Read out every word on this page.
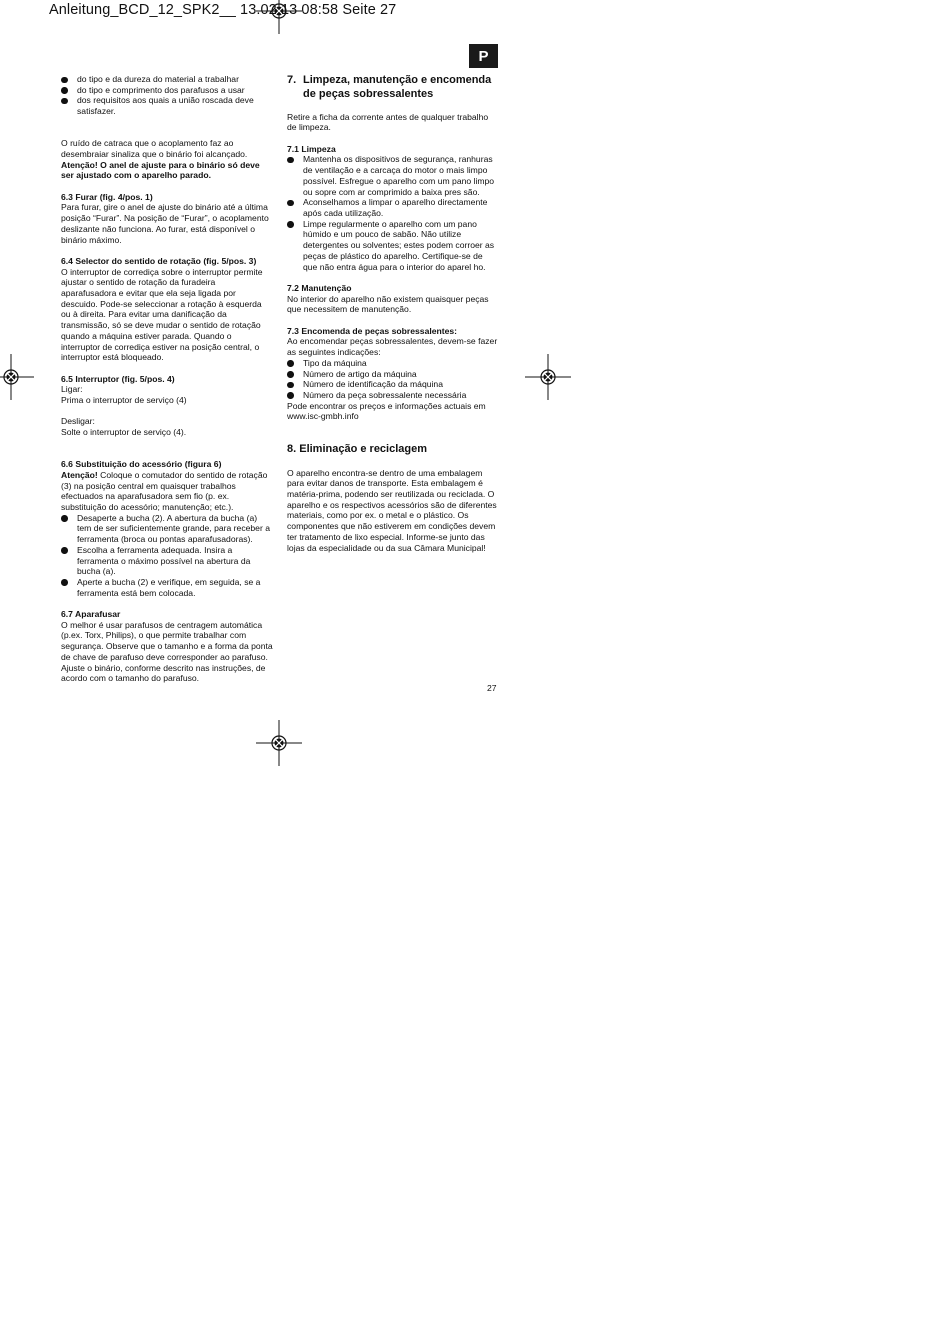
Anleitung_BCD_12_SPK2__ 13.02.13 08:58 Seite 27
P
do tipo e da dureza do material a trabalhar
do tipo e comprimento dos parafusos a usar
dos requisitos aos quais a união roscada deve satisfazer.

O ruído de catraca que o acoplamento faz ao desembraiar sinaliza que o binário foi alcançado.

Atenção! O anel de ajuste para o binário só deve ser ajustado com o aparelho parado.

6.3 Furar (fig. 4/pos. 1)

Para furar, gire o anel de ajuste do binário até a última posição “Furar”. Na posição de “Furar”, o acoplamento deslizante não funciona. Ao furar, está disponível o binário máximo.

6.4 Selector do sentido de rotação (fig. 5/pos. 3)

O interruptor de corrediça sobre o interruptor permite ajustar o sentido de rotação da furadeira aparafusadora e evitar que ela seja ligada por descuido. Pode-se seleccionar a rotação à esquerda ou à direita. Para evitar uma danificação da transmissão, só se deve mudar o sentido de rotação quando a máquina estiver parada. Quando o interruptor de corrediça estiver na posição central, o interruptor está bloqueado.

6.5 Interruptor (fig. 5/pos. 4)

Ligar:

Prima o interruptor de serviço (4)

Desligar:

Solte o interruptor de serviço (4).

6.6 Substituição do acessório (figura 6)

Atenção! Coloque o comutador do sentido de rotação (3) na posição central em quaisquer trabalhos efectuados na aparafusadora sem fio (p. ex. substituição do acessório; manutenção; etc.).

Desaperte a bucha (2). A abertura da bucha (a) tem de ser suficientemente grande, para receber a ferramenta (broca ou pontas aparafusadoras).
Escolha a ferramenta adequada. Insira a ferramenta o máximo possível na abertura da bucha (a).
Aperte a bucha (2) e verifique, em seguida, se a ferramenta está bem colocada.

6.7 Aparafusar

O melhor é usar parafusos de centragem automática (p.ex. Torx, Philips), o que permite trabalhar com segurança. Observe que o tamanho e a forma da ponta de chave de parafuso deve corresponder ao parafuso. Ajuste o binário, conforme descrito nas instruções, de acordo com o tamanho do parafuso.

7. Limpeza, manutenção e encomenda de peças sobressalentes

Retire a ficha da corrente antes de qualquer trabalho de limpeza.

7.1 Limpeza

Mantenha os dispositivos de segurança, ranhuras de ventilação e a carcaça do motor o mais limpo possível. Esfregue o aparelho com um pano limpo ou sopre com ar comprimido a baixa pres são.
Aconselhamos a limpar o aparelho directamente após cada utilização.
Limpe regularmente o aparelho com um pano húmido e um pouco de sabão. Não utilize detergentes ou solventes; estes podem corroer as peças de plástico do aparelho. Certifique-se de que não entra água para o interior do aparel ho.

7.2 Manutenção

No interior do aparelho não existem quaisquer peças que necessitem de manutenção.

7.3 Encomenda de peças sobressalentes:

Ao encomendar peças sobressalentes, devem-se fazer as seguintes indicações:

Tipo da máquina
Número de artigo da máquina
Número de identificação da máquina
Número da peça sobressalente necessária

Pode encontrar os preços e informações actuais em www.isc-gmbh.info

8. Eliminação e reciclagem

O aparelho encontra-se dentro de uma embalagem para evitar danos de transporte. Esta embalagem é matéria-prima, podendo ser reutilizada ou reciclada. O aparelho e os respectivos acessórios são de diferentes materiais, como por ex. o metal e o plástico. Os componentes que não estiverem em condições devem ter tratamento de lixo especial. Informe-se junto das lojas da especialidade ou da sua Câmara Municipal!

27
